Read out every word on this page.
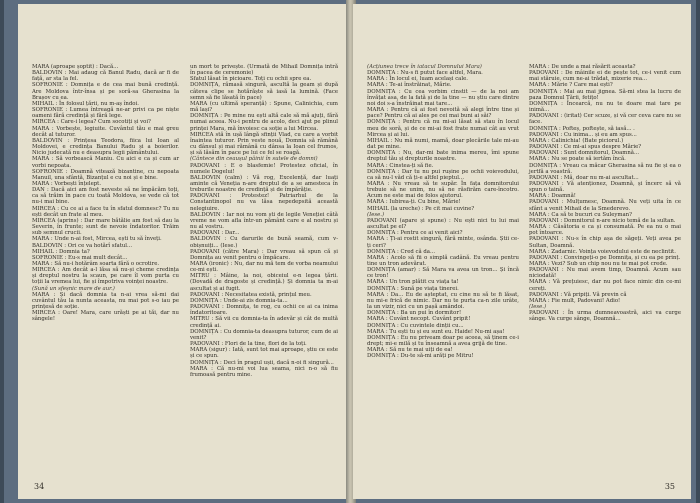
MARA (aproape șoptit) : Dacă...

BALDOVIN : Mai adaug că Banul Radu, dacă ar fi de față, ar sta la fel.

SOFRONIE : Domnița e de cea mai bună credință. Are Moldova într-însa și pe soră-sa Gherasina la Brașov cu ea.

MIHAIL : În folosul țării, nu m-aș îndoi.

SOFRONIE : Lumea întreagă ne-ar privi ca pe niște oameni fără credință și fără lege.

MIRCEA : Care-i legea? Cum socotiți și voi?

MARA : Vorbește, legiuite. Cuvântul tău e mai greu decât al tuturor.

BALDOVIN : Prințesa Teodora, fiica lui Ioan al Moldovei, e credința Banului Radu și a boierilor. Nicio judecată nu e deasupra legii pământului.

MARA : Să vorbească Maniu. Cu aici e ca și cum ar vorbi nepoata.

SOFRONIE : Doamnă vitează bizantine, cu nepoata Manuil, una sfântă, Bizanțul e cu noi și e bine.

MARA : Vorbești înțelept.

DAN : Dacă aici am fost neveste să ne împăcăm toți, ca să trăim în pace cu toată Moldova, se vede că tot nu-i mai bine.

MIRCEA : Cu ce ai a face tu în sfatul domnesc? Tu nu ești decât un frate al meu.

MIRCEA (aprins) : Dar mare bătălie am fost să dau la Severin, în frunte; sunt de nevoie îndatoritor. Trăim sub semnul crucii.

MARA : Unde n-ai fost, Mircea, ești tu să înveți.

BALDOVIN : Ori ce va hotărî sfatul...

MIHAIL : Domnia ta?

SOFRONIE : Eu-s mai mult decât...

MARA : Să nu-i hotărâm soarta fără o ocrotire.

MIRCEA : Am decât a-l lăsa să nu-și cheme credința și dreptul nostru la scaun, pe care îl vom purta cu toții la vremea lui, fie și împotriva voinței noastre.

(Sună un sfeșnic mare de aur.)

MARA : Și dacă domnia ta n-ai vrea să-mi dai cuvântul tău la nunta aceasta, nu mai pot s-o iau pe prințesă de soție.

MIRCEA : Oare! Mara, care urăști pe ai tăi, dar nu sângele!

un mort te privește. (Urmată de Mihail Domnița intră în pacea de ceremonie)

Sfatul lăsat în picioare. Toți cu ochii spre ea.

DOMNIȚA, rămasă singură, ascultă la geam și după câteva clipe se hotărăște să iasă la lumină. (Face semn să fie lăsată în pace)

MARA (cu ultimă speranță) : Spune, Calinichia, cum mă lași?

DOMNIȚA : Pe mine nu ești altă cale să mă ajuți, fără numai aceea. Nu-i pentru de acolo, deci ajut pe plinul prinței Mara, mă învoiesc ca soție a lui Mircea.

MIRCEA stă în ușă lângă sfinții Vlad, cu care a vorbit înaintea tuturor. Prin veste nouă, Domnia să rămână cu dânsul și mai rămână cu dânsa la Ioan cel frumos, și să lăsăm în pace pe lui ce fel se roagă.

(Cântece din ceaușul pâinii în sutele de domni)

PADOVANI : E o blasfemie! Protestez oficial, în numele Dogelui!

BALDOVIN (calm) : Vă rog, Excelență, dar luați aminte că Veneția n-are dreptul de a se amesteca în treburile noastre de credință și de împărăție.

PADOVANI : Protestez! Patriarhul de la Constantinopol nu va lăsa nepedepsită această nelegiuire.

BALDOVIN : Iar noi nu vom ști de legile Veneției câtă vreme ne vom afla într-un pământ care e al nostru și nu al vostru.

PADOVANI : Dar...

BALDOVIN : Cu darurile de bună seamă, cum v-obișnuiți... (Iese.)

PADOVANI (către Mara) : Dar vreau să spun că și Domnița au venit pentru o împăcare.

MARA (ironic) : Nu, dar nu mă tem de vorba neamului ce-mi ești.

MITRU : Mâine, la noi, obiceiul e-n legea țării. (Dovadă de dragoste și credință.) Și domnia ta m-ai ascultat și ai fugit.

PADOVANI : Necesitatea există, prințul meu.

DOMNIȚA : Unde-ai zis domnia-ta...

PADOVANI : Domnița, te rog, cu ochii ce ai ca inima îndatoritoare.

MITRU : Să vii cu domnia-ta în adevăr și cât de multă credință ai.

DOMNIȚA : Cu domnia-ta deasupra tuturor, cum de ai venit?

PADOVANI : Flori de la tine, flori de la toți.

MARA (sigur) : Iată, sunt tot mai aproape, știu ce este și ce spun.

DOMNIȚA : Deci în pragul ușii, dacă n-oi fi singură...

MARA : Că nu-mi voi lua seama, nici n-o să fiu frumoasă pentru mine.

34

(Acțiunea trece în iatacul Domnului Mara)

DOMNIȚA : Nu-s fi putut face altfel, Mara.

MARA : În locul ei, luam același cale.

MARA : Te-ai înstrăinat, Mărie.

DOMNIȚA : Cu cea vorbim cinstit — de la noi am învățat asa, de la fată și de la tine — nu știu care dintre noi doi s-a înstrăinat mai tare...

MARA : Pentru că ai fost nevoită să alegi între tine și pace? Pentru că ai ales pe cei mai buni ai săi?

DOMNIȚA : Pentru că nu mi-ai lăsat să stau în locul meu de soră, și de ce mi-ai fost frate numai cât au vrut Mircea și ai lui.

MIHAIL : Nu mă numi, mamă, doar plecările tale mi-au dat pe mine.

DOMNIȚA : Nu, dar-mi bate inima mereu, îmi spune dreptul tău și drepturile noastre.

MARA : Cinstea-ți să fie.

DOMNIȚA : Dar tu nu pui rușine pe ochii voievodului, ca să nu-l văd că ți-e altfel pieptul...

MARA : Nu vreau să te supăr. În fața domnitorului trebuie să ne unim, nu să ne răsfirăm care-încotro. Acum ne este mai de folos ajutorul.

MARA : Iubirea-ți. Cu bine, Mărie!

MIHAIL (la ureche) : Pe cit mai cuvine?

(Iese.)

PADOVANI (apare și spune) : Nu ești nici tu lui mai ascultat pe el?

DOMNIȚA : Pentru ce ai venit aici?

MARA : Ți-ai rostit singură, fără minte, osânda. Știi ce-ți ceri?

DOMNIȚA : Cred că da...

MARA : Acolo să fii o simplă cadână. Eu vreau pentru tine un tron adevărat.

DOMNIȚA (amar) : Să Mara va avea un tron... Și încă ce tron!

MARA : Un tron plătit cu viața ta!

DOMNIȚA : Sună pe viața tinerei.

MARA : Da... Eu de așteptat, cu cine nu să te fi lăsat, nu mi-e frică de nimic. Dar nu te purta ca-n zile urâte, la un vizir, nici cu un pașă amândoi.

DOMNIȚA : Ba un pui în dormitor!

MARA : Cuvânt necopt. Cuvânt pripit!

DOMNIȚA : Cu cuvintele dinții cu...

MARA : Tu ești tu și eu sunt eu. Haide! Nu-mi așa!

DOMNIȚA : Eu nu priveam doar pe aceea, să ținem ce-i drept; mi-e milă și tu înseamnă a avea grijă de tine.

MARA : Să nu te mai uiți de ea!

DOMNIȚA : Du-te să-mi arăți pe Mitru!

MARA : De unde a mai răsărit aceasta?

PADOVANI : De mâinile ei de pește tot, ce-i venit cum mai stăruie, cum ne-ai trădat, mizerie rea...

MARA : Mărie ? Care mai ești?

DOMNIȚA : Mai au mai jignea. Să-mi stea la lucru de paza Domnul Țării, fetițo!

DOMNIȚA : Încearcă, nu nu te doare mai tare pe inimă...

PADOVANI : (iritat) Cer scuze, și vă cer ceva care nu se face.

DOMNIȚA : Pofteș, poftește, să iasă... .

PADOVANI : Cu inima... și eu am spus...

MARA : Calinichia! (Bate piciorul.)

PADOVANI : Ce mi-ai spus despre Mărie?

PADOVANI : Sunt domnitorul, Doamnă...

MARA : Nu se poate să iertăm încă.

DOMNIȚA : Vreau ca măcar Gherasina să nu fie și ea o jertfă a voastră.

PADOVANI : Mă, doar nu m-ai ascultat...

PADOVANI : Vă atenționez, Doamnă, și încerc să vă spun o taină.

MARA : Doamnă!

PADOVANI : Mulțumesc, Doamnă. Nu veți uita în ce sfânt a venit Mihail de la Smederevo.

MARA : Ca să te bucuri cu Suleyman?

PADOVANI : Domnitorul n-are nicio temă de la sultan.

MARA : Căsătoria e ca și consumată. Pe ea nu o mai pot întoarce.

PADOVANI : Nu-s în chip așa de săgeți. Veți avea pe Sultan, Doamnă.

MARA : Zadarnic. Voința voievodului este de neclintit.

PADOVANI : Convingeți-o pe Domnița, și cu ea pe prinț.

MARA : Vezi? Sub un chip nou nu te mai pot crede.

PADOVANI : Nu mai avem timp, Doamnă. Acum sau niciodată!

MARA : Vă prețuiesc, dar nu pot face nimic din ce-mi cereți.

PADOVANI : Vă pripiți. Vă previn că

MARA : Fie mult, Padovani! Adio!

(Iese.)

PADOVANI : În urma dumneavoastră, aici va curge sânge. Va curge sânge, Doamnă...

35
